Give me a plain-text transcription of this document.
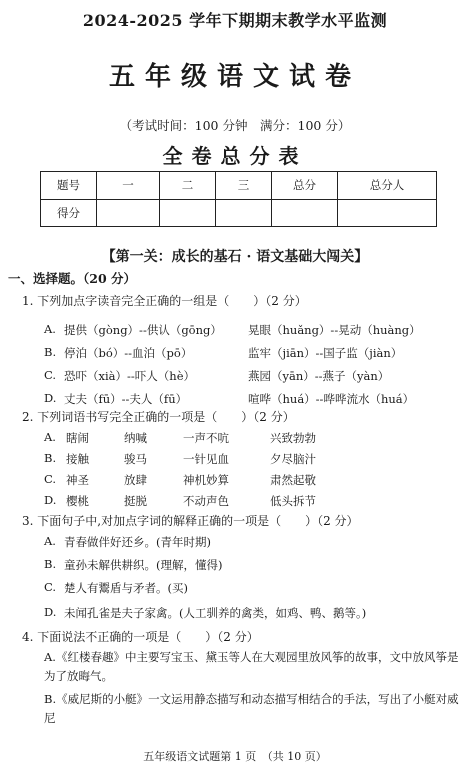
2024-2025 学年下期期末教学水平监测
五年级语文试卷
（考试时间：100 分钟　满分：100 分）
全卷总分表
题号	一	二	三	总分	总分人
得分					
【第一关：成长的基石 · 语文基础大闯关】
一、选择题。（20 分）
1. 下列加点字读音完全正确的一组是（　　）（2 分）
A. 提供（gòng）--供认（gōng） 晃眼（huǎng）--晃动（huàng）
B. 停泊（bó）--血泊（pō）	监牢（jiān）--国子监（jiàn）
C. 恐吓（xià）--吓人（hè）	燕园（yān）--燕子（yàn）
D. 丈夫（fū）--夫人（fū）	喧哗（huá）--哗哗流水（huá）
2. 下列词语书写完全正确的一项是（　　）（2 分）
A. 瞎闹	纳喊	一声不吭	兴致勃勃
B. 接触	骏马	一针见血	夕尽脑汁
C. 神圣	放肆	神机妙算	肃然起敬
D. 樱桃	挺脱	不动声色	低头拆节
3. 下面句子中,对加点字词的解释正确的一项是（　　）（2 分）
A. 青春做伴好还乡。(青年时期)
B. 童孙未解供耕织。(理解，懂得)
C. 楚人有鬻盾与矛者。(买)
D. 未闻孔雀是夫子家禽。(人工驯养的禽类，如鸡、鸭、鹅等。)
4. 下面说法不正确的一项是（　　）（2 分）
A.《红楼春趣》中主要写宝玉、黛玉等人在大观园里放风筝的故事，文中放风筝是为了放晦气。
B.《威尼斯的小艇》一文运用静态描写和动态描写相结合的手法，写出了小艇对威尼
五年级语文试题第 1 页　（共 10 页）
